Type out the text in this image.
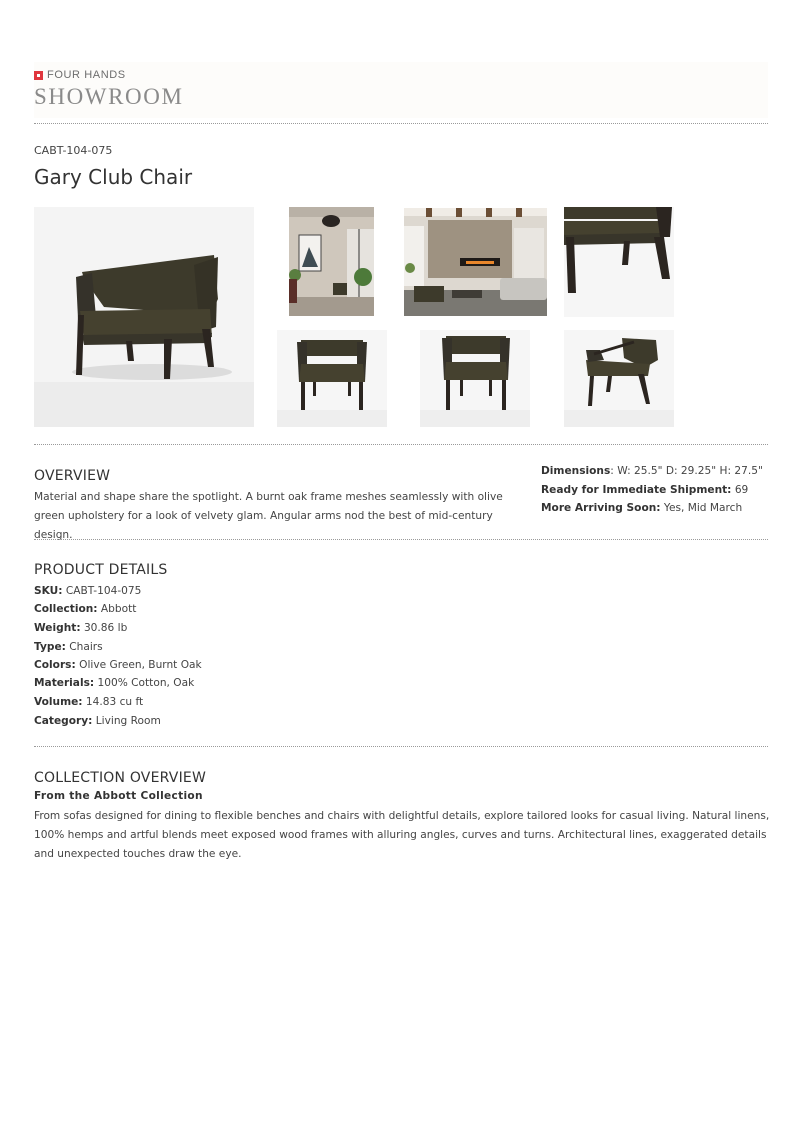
FOUR HANDS
SHOWROOM
CABT-104-075
Gary Club Chair
OVERVIEW
Material and shape share the spotlight. A burnt oak frame meshes seamlessly with olive green upholstery for a look of velvety glam. Angular arms nod the best of mid-century design.
Dimensions: W: 25.5" D: 29.25" H: 27.5"
Ready for Immediate Shipment: 69
More Arriving Soon: Yes, Mid March
PRODUCT DETAILS
SKU: CABT-104-075
Collection: Abbott
Weight: 30.86 lb
Type: Chairs
Colors: Olive Green, Burnt Oak
Materials: 100% Cotton, Oak
Volume: 14.83 cu ft
Category: Living Room
COLLECTION OVERVIEW
From the Abbott Collection
From sofas designed for dining to flexible benches and chairs with delightful details, explore tailored looks for casual living. Natural linens, 100% hemps and artful blends meet exposed wood frames with alluring angles, curves and turns. Architectural lines, exaggerated details and unexpected touches draw the eye.
